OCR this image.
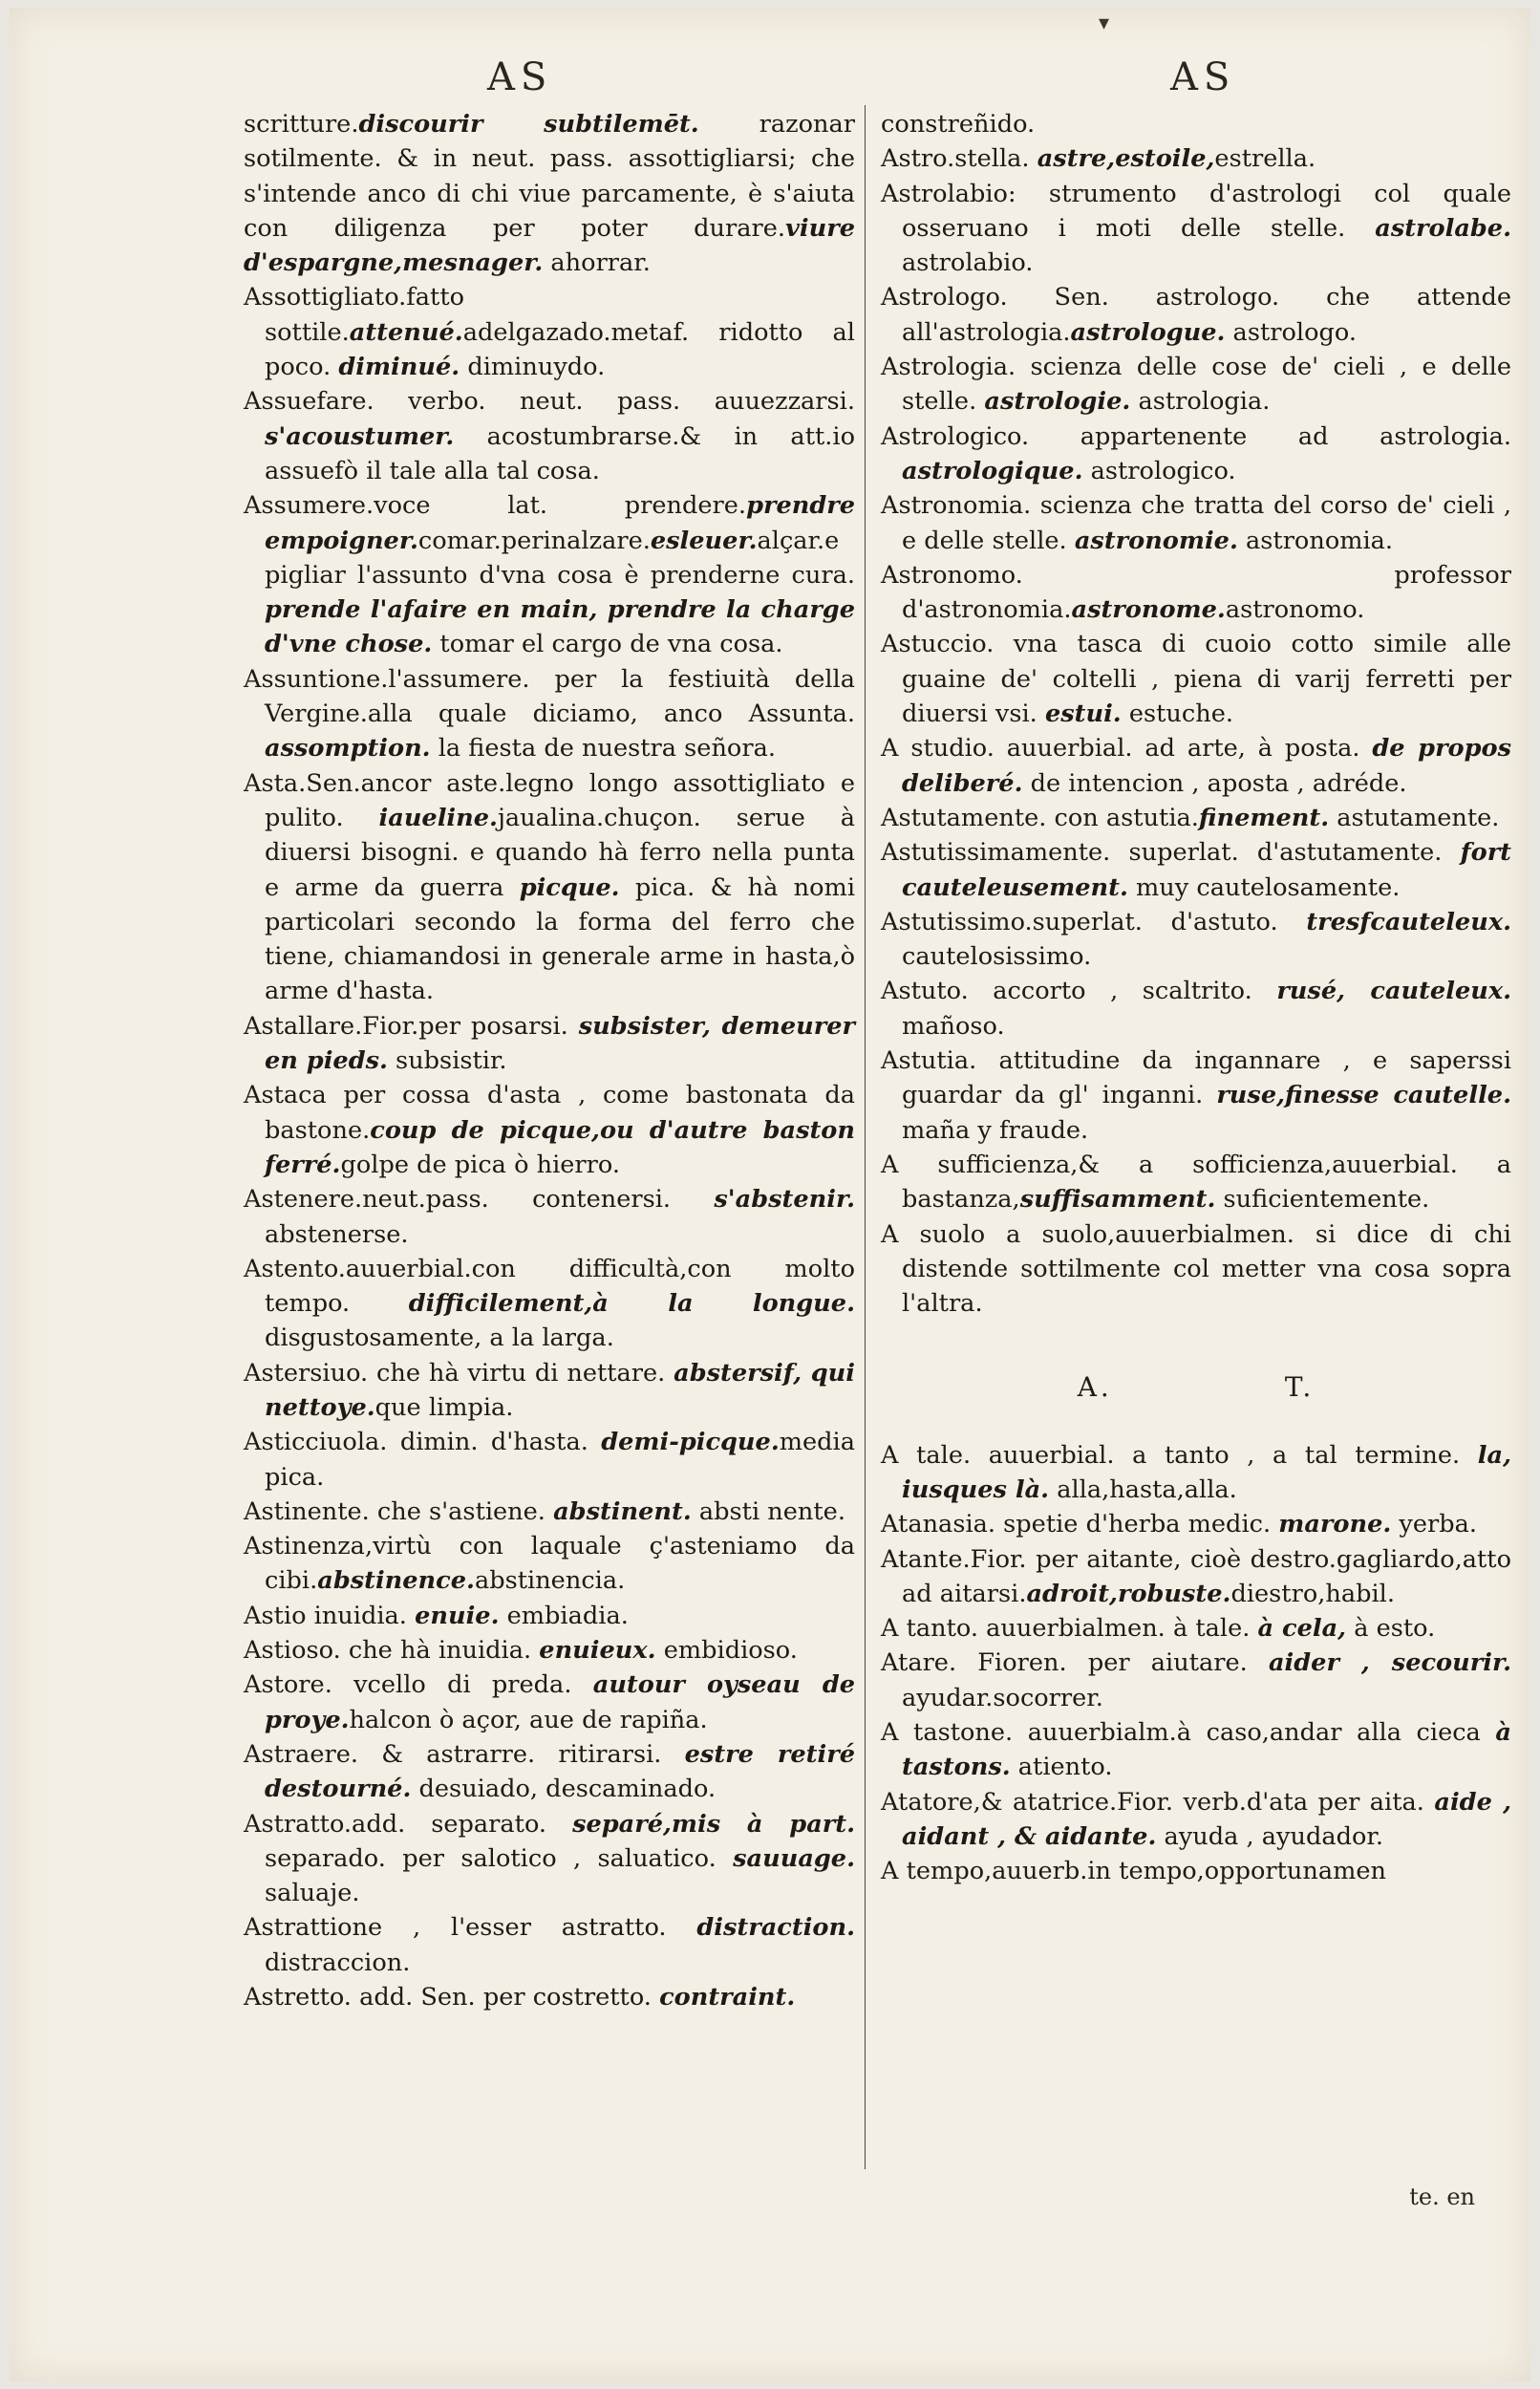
AS	AS
▾

scritture.discourir subtilemēt. razonar sotilmente. & in neut. pass. assottigliarsi; che s'intende anco di chi viue parcamente, è s'aiuta con diligenza per poter durare.viure d'espargne,mesnager. ahorrar.

Assottigliato.fatto sottile.attenué.adelgazado.metaf. ridotto al poco. diminué. diminuydo.

Assuefare. verbo. neut. pass. auuezzarsi. s'acoustumer. acostumbrarse.& in att.io assuefò il tale alla tal cosa.

Assumere.voce lat. prendere.prendre empoigner.comar.perinalzare.esleuer.alçar.e pigliar l'assunto d'vna cosa è prenderne cura. prende l'afaire en main, prendre la charge d'vne chose. tomar el cargo de vna cosa.

Assuntione.l'assumere. per la festiuità della Vergine.alla quale diciamo, anco Assunta. assomption. la fiesta de nuestra señora.

Asta.Sen.ancor aste.legno longo assottigliato e pulito. iaueline.jaualina.chuçon. serue à diuersi bisogni. e quando hà ferro nella punta e arme da guerra picque. pica. & hà nomi particolari secondo la forma del ferro che tiene, chiamandosi in generale arme in hasta,ò arme d'hasta.

Astallare.Fior.per posarsi. subsister, demeurer en pieds. subsistir.

Astaca per cossa d'asta , come bastonata da bastone.coup de picque,ou d'autre baston ferré.golpe de pica ò hierro.

Astenere.neut.pass. contenersi. s'abstenir. abstenerse.

Astento.auuerbial.con difficultà,con molto tempo. difficilement,à la longue. disgustosamente, a la larga.

Astersiuo. che hà virtu di nettare. abstersif, qui nettoye.que limpia.

Asticciuola. dimin. d'hasta. demi-picque.media pica.

Astinente. che s'astiene. abstinent. absti nente.

Astinenza,virtù con laquale ç'asteniamo da cibi.abstinence.abstinencia.

Astio inuidia. enuie. embiadia.

Astioso. che hà inuidia. enuieux. embidioso.

Astore. vcello di preda. autour oyseau de proye.halcon ò açor, aue de rapiña.

Astraere. & astrarre. ritirarsi. estre retiré destourné. desuiado, descaminado.

Astratto.add. separato. separé,mis à part. separado. per salotico , saluatico. sauuage. saluaje.

Astrattione , l'esser astratto. distraction. distraccion.

Astretto. add. Sen. per costretto. contraint.

constreñido.

Astro.stella. astre,estoile,estrella.

Astrolabio: strumento d'astrologi col quale osseruano i moti delle stelle. astrolabe. astrolabio.

Astrologo. Sen. astrologo. che attende all'astrologia.astrologue. astrologo.

Astrologia. scienza delle cose de' cieli , e delle stelle. astrologie. astrologia.

Astrologico. appartenente ad astrologia. astrologique. astrologico.

Astronomia. scienza che tratta del corso de' cieli , e delle stelle. astronomie. astronomia.

Astronomo. professor d'astronomia.astronome.astronomo.

Astuccio. vna tasca di cuoio cotto simile alle guaine de' coltelli , piena di varij ferretti per diuersi vsi. estui. estuche.

A studio. auuerbial. ad arte, à posta. de propos deliberé. de intencion , aposta , adréde.

Astutamente. con astutia.finement. astutamente.

Astutissimamente. superlat. d'astutamente. fort cauteleusement. muy cautelosamente.

Astutissimo.superlat. d'astuto. tresfcauteleux. cautelosissimo.

Astuto. accorto , scaltrito. rusé, cauteleux. mañoso.

Astutia. attitudine da ingannare , e saperssi guardar da gl' inganni. ruse,finesse cautelle. maña y fraude.

A sufficienza,& a sofficienza,auuerbial. a bastanza,suffisamment. suficientemente.

A suolo a suolo,auuerbialmen. si dice di chi distende sottilmente col metter vna cosa sopra l'altra.

A.	T.

A tale. auuerbial. a tanto , a tal termine. la, iusques là. alla,hasta,alla.

Atanasia. spetie d'herba medic. marone. yerba.

Atante.Fior. per aitante, cioè destro.gagliardo,atto ad aitarsi.adroit,robuste.diestro,habil.

A tanto. auuerbialmen. à tale. à cela, à esto.

Atare. Fioren. per aiutare. aider , secourir. ayudar.socorrer.

A tastone. auuerbialm.à caso,andar alla cieca à tastons. atiento.

Atatore,& atatrice.Fior. verb.d'ata per aita. aide , aidant , & aidante. ayuda , ayudador.

A tempo,auuerb.in tempo,opportunamen

te. en
